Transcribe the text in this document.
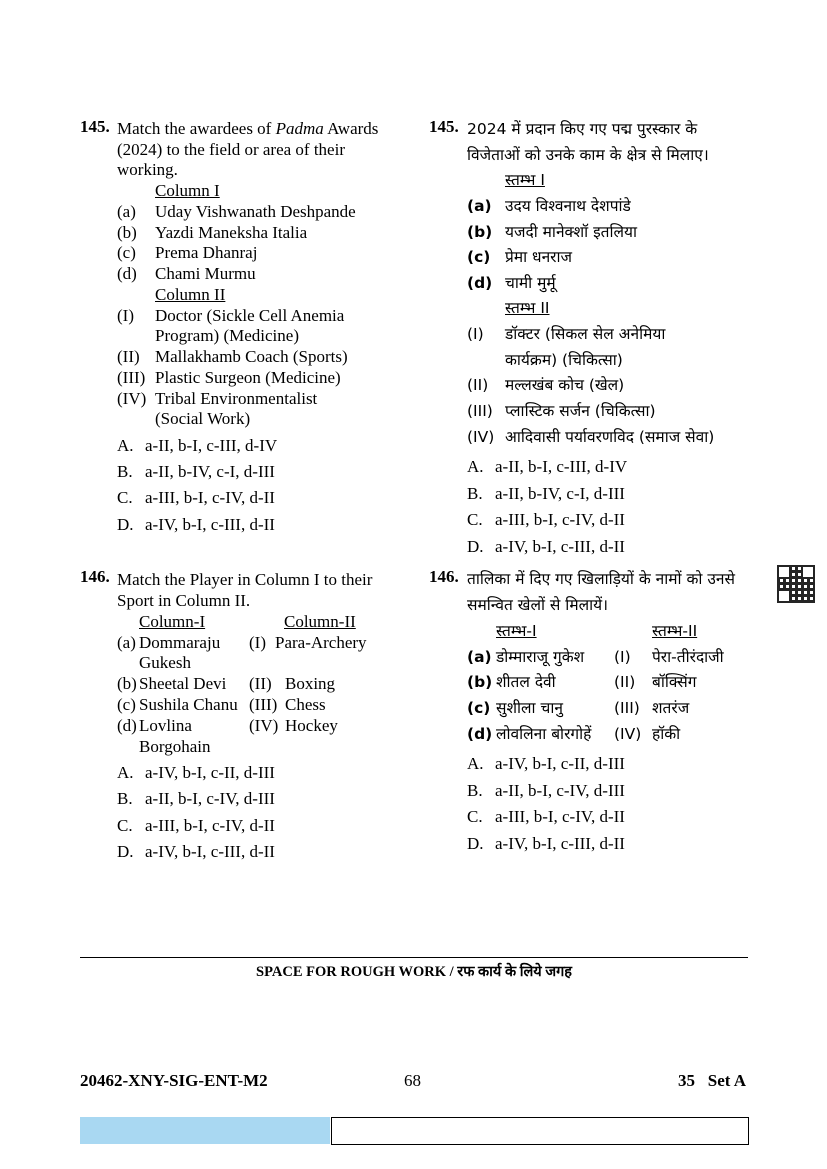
145. Match the awardees of Padma Awards
(2024) to the field or area of their
working.
Column I
(a) Uday Vishwanath Deshpande
(b) Yazdi Maneksha Italia
(c) Prema Dhanraj
(d) Chami Murmu
Column II
(I) Doctor (Sickle Cell Anemia
Program) (Medicine)
(II) Mallakhamb Coach (Sports)
(III) Plastic Surgeon (Medicine)
(IV) Tribal Environmentalist
(Social Work)
A. a-II, b-I, c-III, d-IV
B. a-II, b-IV, c-I, d-III
C. a-III, b-I, c-IV, d-II
D. a-IV, b-I, c-III, d-II
145. 2024 में प्रदान किए गए पद्म पुरस्कार के
विजेताओं को उनके काम के क्षेत्र से मिलाए।
स्तम्भ I
(a) उदय विश्वनाथ देशपांडे
(b) यजदी मानेक्शॉ इतलिया
(c) प्रेमा धनराज
(d) चामी मुर्मू
स्तम्भ II
(I) डॉक्टर (सिकल सेल अनेमिया
कार्यक्रम) (चिकित्सा)
(II) मल्लखंब कोच (खेल)
(III) प्लास्टिक सर्जन (चिकित्सा)
(IV) आदिवासी पर्यावरणविद (समाज सेवा)
A. a-II, b-I, c-III, d-IV
B. a-II, b-IV, c-I, d-III
C. a-III, b-I, c-IV, d-II
D. a-IV, b-I, c-III, d-II
146. Match the Player in Column I to their
Sport in Column II.
Column-I	Column-II
(a) Dommaraju
Gukesh
(I) Para-Archery
(b) Sheetal Devi (II) Boxing
(c) Sushila Chanu (III) Chess
(d) Lovlina
Borgohain
(IV) Hockey
A. a-IV, b-I, c-II, d-III
B. a-II, b-I, c-IV, d-III
C. a-III, b-I, c-IV, d-II
D. a-IV, b-I, c-III, d-II
146. तालिका में दिए गए खिलाड़ियों के नामों को उनसे
समन्वित खेलों से मिलायें।
स्तम्भ-I	स्तम्भ-II
(a) डोम्माराजू गुकेश (I) पेरा-तीरंदाजी
(b) शीतल देवी	(II) बॉक्सिंग
(c) सुशीला चानु	(III) शतरंज
(d) लोवलिना बोरगोहें (IV) हॉकी
A. a-IV, b-I, c-II, d-III
B. a-II, b-I, c-IV, d-III
C. a-III, b-I, c-IV, d-II
D. a-IV, b-I, c-III, d-II
SPACE FOR ROUGH WORK / रफ कार्य के लिये जगह
20462-XNY-SIG-ENT-M2	68	35   Set A
